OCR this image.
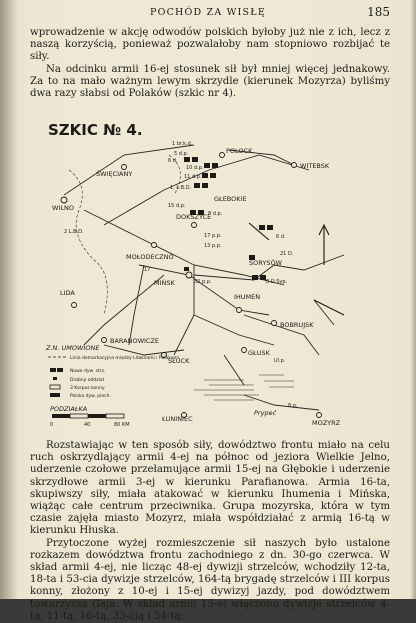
POCHÓD ZA WISŁĘ	185

wprowadzenie w akcję odwodów polskich byłoby już nie z ich, lecz z naszą korzyścią, ponieważ pozwalałoby nam stopniowo rozbijać te siły.

Na odcinku armii 16-ej stosunek sił był mniej więcej jednakowy. Za to na mało ważnym lewym skrzydle (kierunek Mozyrza) byliśmy dwa razy słabsi od Polaków (szkic nr 4).

SZKIC № 4.
POLOCK
WITEBSK
ŚWIĘCIANY
DOKSZYCE
GŁEBOKIE
WILNO
MOŁODECZNO
SORYSÓW
MIŃSK
IHUMEŃ
BOBRUJSK
LIDA
BARANOWICZE
SŁUCK
GŁUSK
ŁUNINIEC	MOZYRZ
Prypeć
1 br.k.d.
5 d.p.
6 d.
10 d.p.
11 d.p.
1. L.B.D.
15 d.p.
8 d.p.
17 p.p.
13 p.p.
2 L.B.D.
6 d.
17
32 p.p.	8 D.Syp.
21 D.
Ul.p.
8 p.
Z.N. UMOWIONE
Linia demarkacyjna między Litwinami i Polakami
Nowe dyw. strz.
Drobny oddział
3 Korpus konny
Polska dyw. piech.
PODZIAŁKA
0	40	80 KM

Rozstawiając w ten sposób siły, dowództwo frontu miało na celu ruch oskrzydlający armii 4-ej na północ od jeziora Wielkie Jelno, uderzenie czołowe przełamujące armii 15-ej na Głębokie i uderzenie skrzydłowe armii 3-ej w kierunku Parafianowa. Armia 16-ta, skupiwszy siły, miała atakować w kierunku Ihumenia i Mińska, wiążąc całe centrum przeciwnika. Grupa mozyrska, która w tym czasie zajęła miasto Mozyrz, miała współdziałać z armią 16-tą w kierunku Hłuska.

Przytoczone wyżej rozmieszczenie sił naszych było ustalone rozkazem dowództwa frontu zachodniego z dn. 30-go czerwca. W skład armii 4-ej, nie licząc 48-ej dywizji strzelców, wchodziły 12-ta, 18-ta i 53-cia dywizje strzelców, 164-tą brygadę strzelców i III korpus konny, złożony z 10-ej i 15-ej dywizyj jazdy, pod dowództwem towarzysza Gaja. W skład armii 15-ej włączono dywizje strzelców 4-tą, 11-tą, 16-tą, 33-cią i 54-tą;
